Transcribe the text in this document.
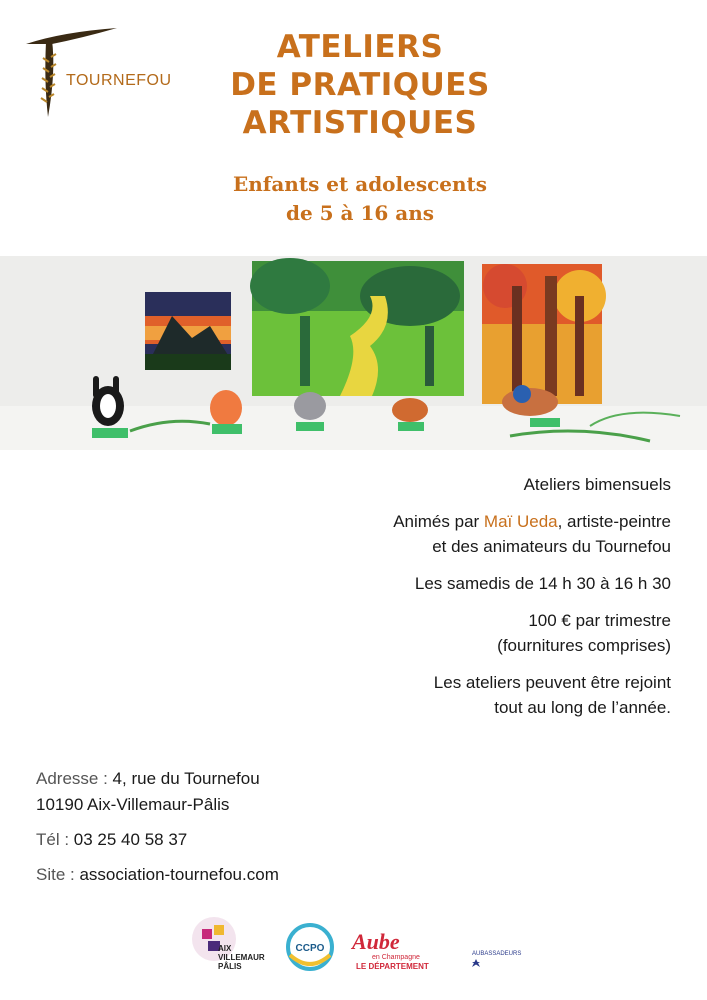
TOURNEFOU
ATELIERS
DE PRATIQUES
ARTISTIQUES
Enfants et adolescents
de 5 à 16 ans

Ateliers bimensuels

Animés par Maï Ueda, artiste-peintre
et des animateurs du Tournefou

Les samedis de 14 h 30 à 16 h 30

100 € par trimestre
(fournitures comprises)

Les ateliers peuvent être rejoint
tout au long de l’année.

Adresse : 4, rue du Tournefou
10190 Aix-Villemaur-Pâlis
Tél : 03 25 40 58 37
Site : association-tournefou.com
AIX
VILLEMAUR
PÂLIS
CCPO Aube
en Champagne
LE DÉPARTEMENT
AUBASSADEURS
